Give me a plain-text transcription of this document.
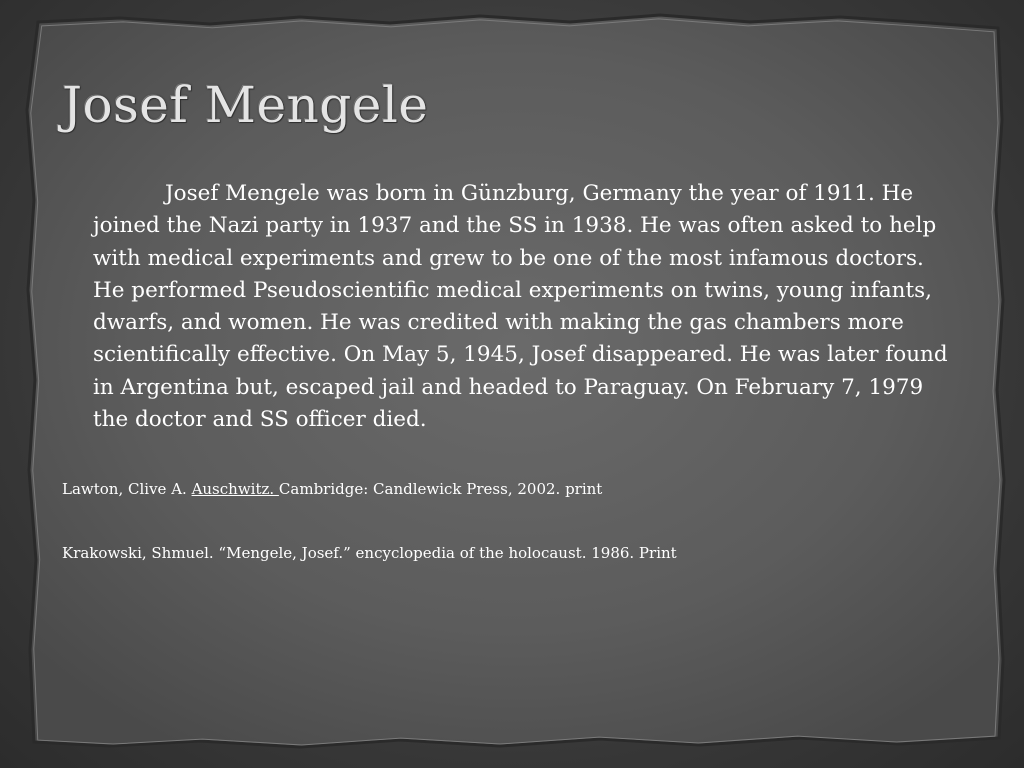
Josef Mengele

Josef Mengele was born in Günzburg, Germany the year of 1911. He joined the Nazi party in 1937 and the SS in 1938. He was often asked to help with medical experiments and grew to be one of the most infamous doctors. He performed Pseudoscientific medical experiments on twins, young infants, dwarfs, and women. He was credited with making the gas chambers more scientifically effective. On May 5, 1945, Josef disappeared. He was later found in Argentina but, escaped jail and headed to Paraguay. On February 7, 1979 the doctor and SS officer died.

Lawton, Clive A. Auschwitz. Cambridge: Candlewick Press, 2002. print

Krakowski, Shmuel. “Mengele, Josef.” encyclopedia of the holocaust. 1986. Print
